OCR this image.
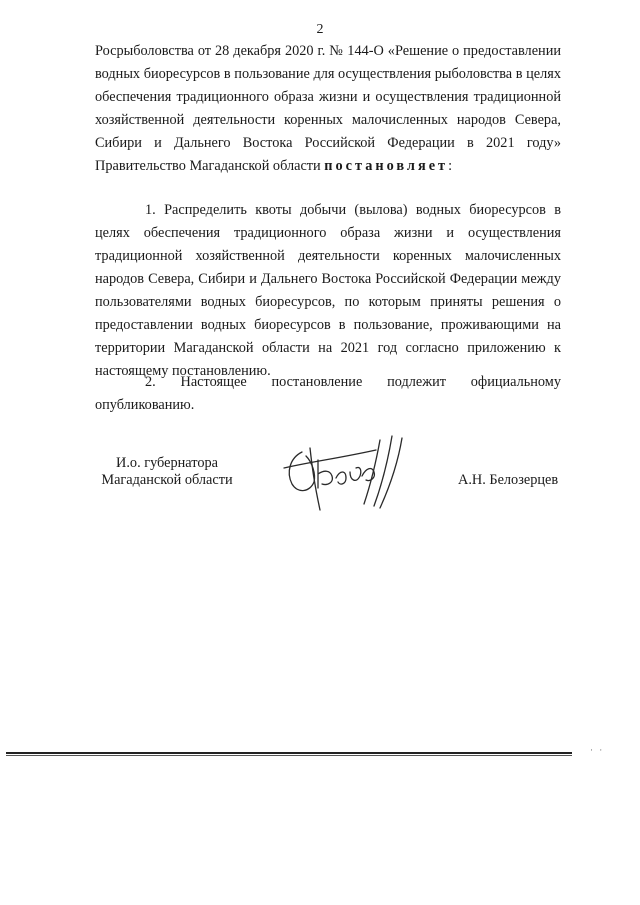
2

Росрыболовства от 28 декабря 2020 г. № 144-О «Решение о предоставлении водных биоресурсов в пользование для осуществления рыболовства в целях обеспечения традиционного образа жизни и осуществления традиционной хозяйственной деятельности коренных малочисленных народов Севера, Сибири и Дальнего Востока Российской Федерации в 2021 году» Правительство Магаданской области постановляет:

1. Распределить квоты добычи (вылова) водных биоресурсов в целях обеспечения традиционного образа жизни и осуществления традиционной хозяйственной деятельности коренных малочисленных народов Севера, Сибири и Дальнего Востока Российской Федерации между пользователями водных биоресурсов, по которым приняты решения о предоставлении водных биоресурсов в пользование, проживающими на территории Магаданской области на 2021 год согласно приложению к настоящему постановлению.

2. Настоящее постановление подлежит официальному опубликованию.

И.о. губернатора
Магаданской области	А.Н. Белозерцев
· ·
